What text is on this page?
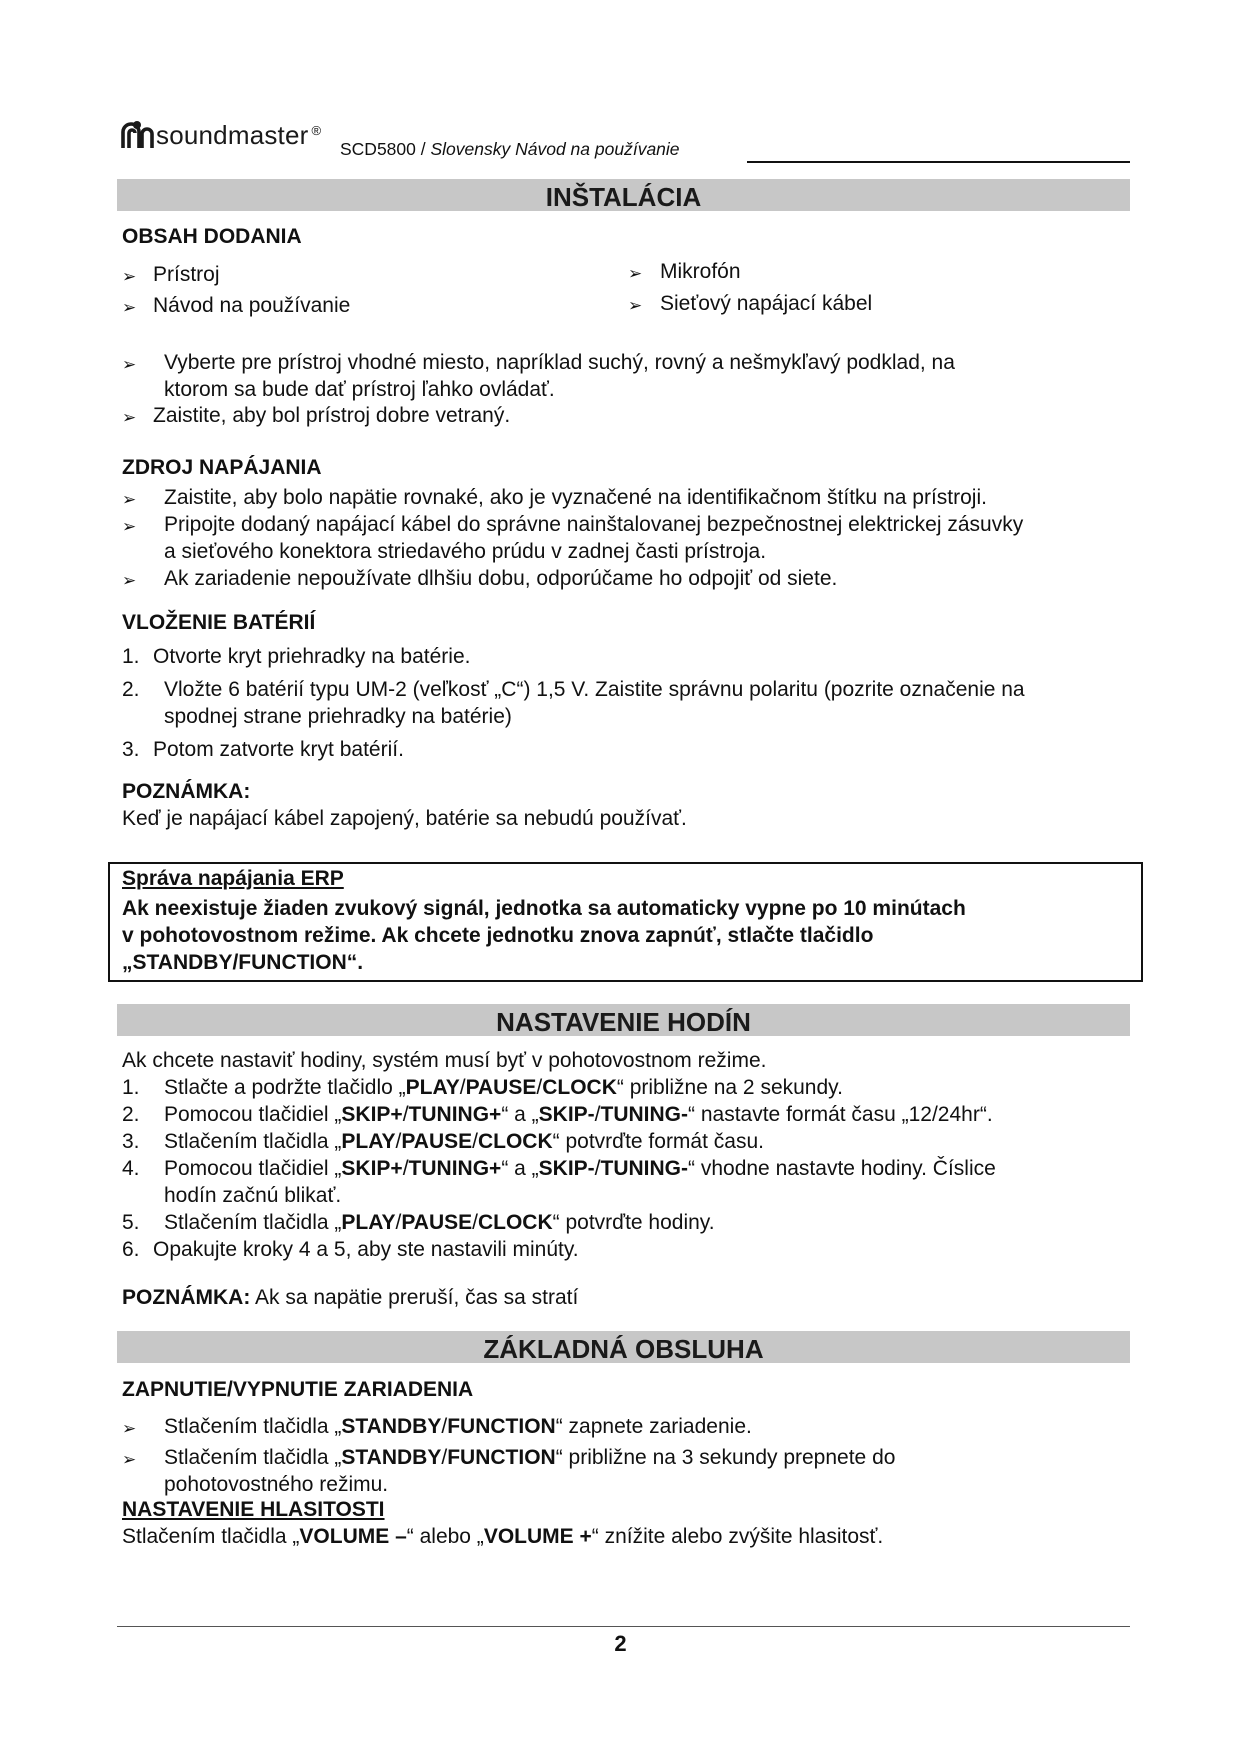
soundmaster ®
SCD5800 / Slovensky Návod na používanie
INŠTALÁCIA
OBSAH DODANIA
➢ Prístroj
➢ Návod na používanie
➢ Mikrofón
➢ Sieťový napájací kábel
➢ Vyberte pre prístroj vhodné miesto, napríklad suchý, rovný a nešmykľavý podklad, na
ktorom sa bude dať prístroj ľahko ovládať.
➢ Zaistite, aby bol prístroj dobre vetraný.
ZDROJ NAPÁJANIA
➢ Zaistite, aby bolo napätie rovnaké, ako je vyznačené na identifikačnom štítku na prístroji.
➢ Pripojte dodaný napájací kábel do správne nainštalovanej bezpečnostnej elektrickej zásuvky
a sieťového konektora striedavého prúdu v zadnej časti prístroja.
➢ Ak zariadenie nepoužívate dlhšiu dobu, odporúčame ho odpojiť od siete.
VLOŽENIE BATÉRIÍ
1. Otvorte kryt priehradky na batérie.
2. Vložte 6 batérií typu UM-2 (veľkosť „C“) 1,5 V. Zaistite správnu polaritu (pozrite označenie na
spodnej strane priehradky na batérie)
3. Potom zatvorte kryt batérií.
POZNÁMKA:
Keď je napájací kábel zapojený, batérie sa nebudú používať.
Správa napájania ERP
Ak neexistuje žiaden zvukový signál, jednotka sa automaticky vypne po 10 minútach
v pohotovostnom režime. Ak chcete jednotku znova zapnúť, stlačte tlačidlo
„STANDBY/FUNCTION“.
NASTAVENIE HODÍN
Ak chcete nastaviť hodiny, systém musí byť v pohotovostnom režime.
1. Stlačte a podržte tlačidlo „PLAY/PAUSE/CLOCK“ približne na 2 sekundy.
2. Pomocou tlačidiel „SKIP+/TUNING+“ a „SKIP-/TUNING-“ nastavte formát času „12/24hr“.
3. Stlačením tlačidla „PLAY/PAUSE/CLOCK“ potvrďte formát času.
4. Pomocou tlačidiel „SKIP+/TUNING+“ a „SKIP-/TUNING-“ vhodne nastavte hodiny. Číslice
hodín začnú blikať.
5. Stlačením tlačidla „PLAY/PAUSE/CLOCK“ potvrďte hodiny.
6. Opakujte kroky 4 a 5, aby ste nastavili minúty.
POZNÁMKA: Ak sa napätie preruší, čas sa stratí
ZÁKLADNÁ OBSLUHA
ZAPNUTIE/VYPNUTIE ZARIADENIA
➢ Stlačením tlačidla „STANDBY/FUNCTION“ zapnete zariadenie.
➢ Stlačením tlačidla „STANDBY/FUNCTION“ približne na 3 sekundy prepnete do
pohotovostného režimu.
NASTAVENIE HLASITOSTI
Stlačením tlačidla „VOLUME –“ alebo „VOLUME +“ znížite alebo zvýšite hlasitosť.
2
